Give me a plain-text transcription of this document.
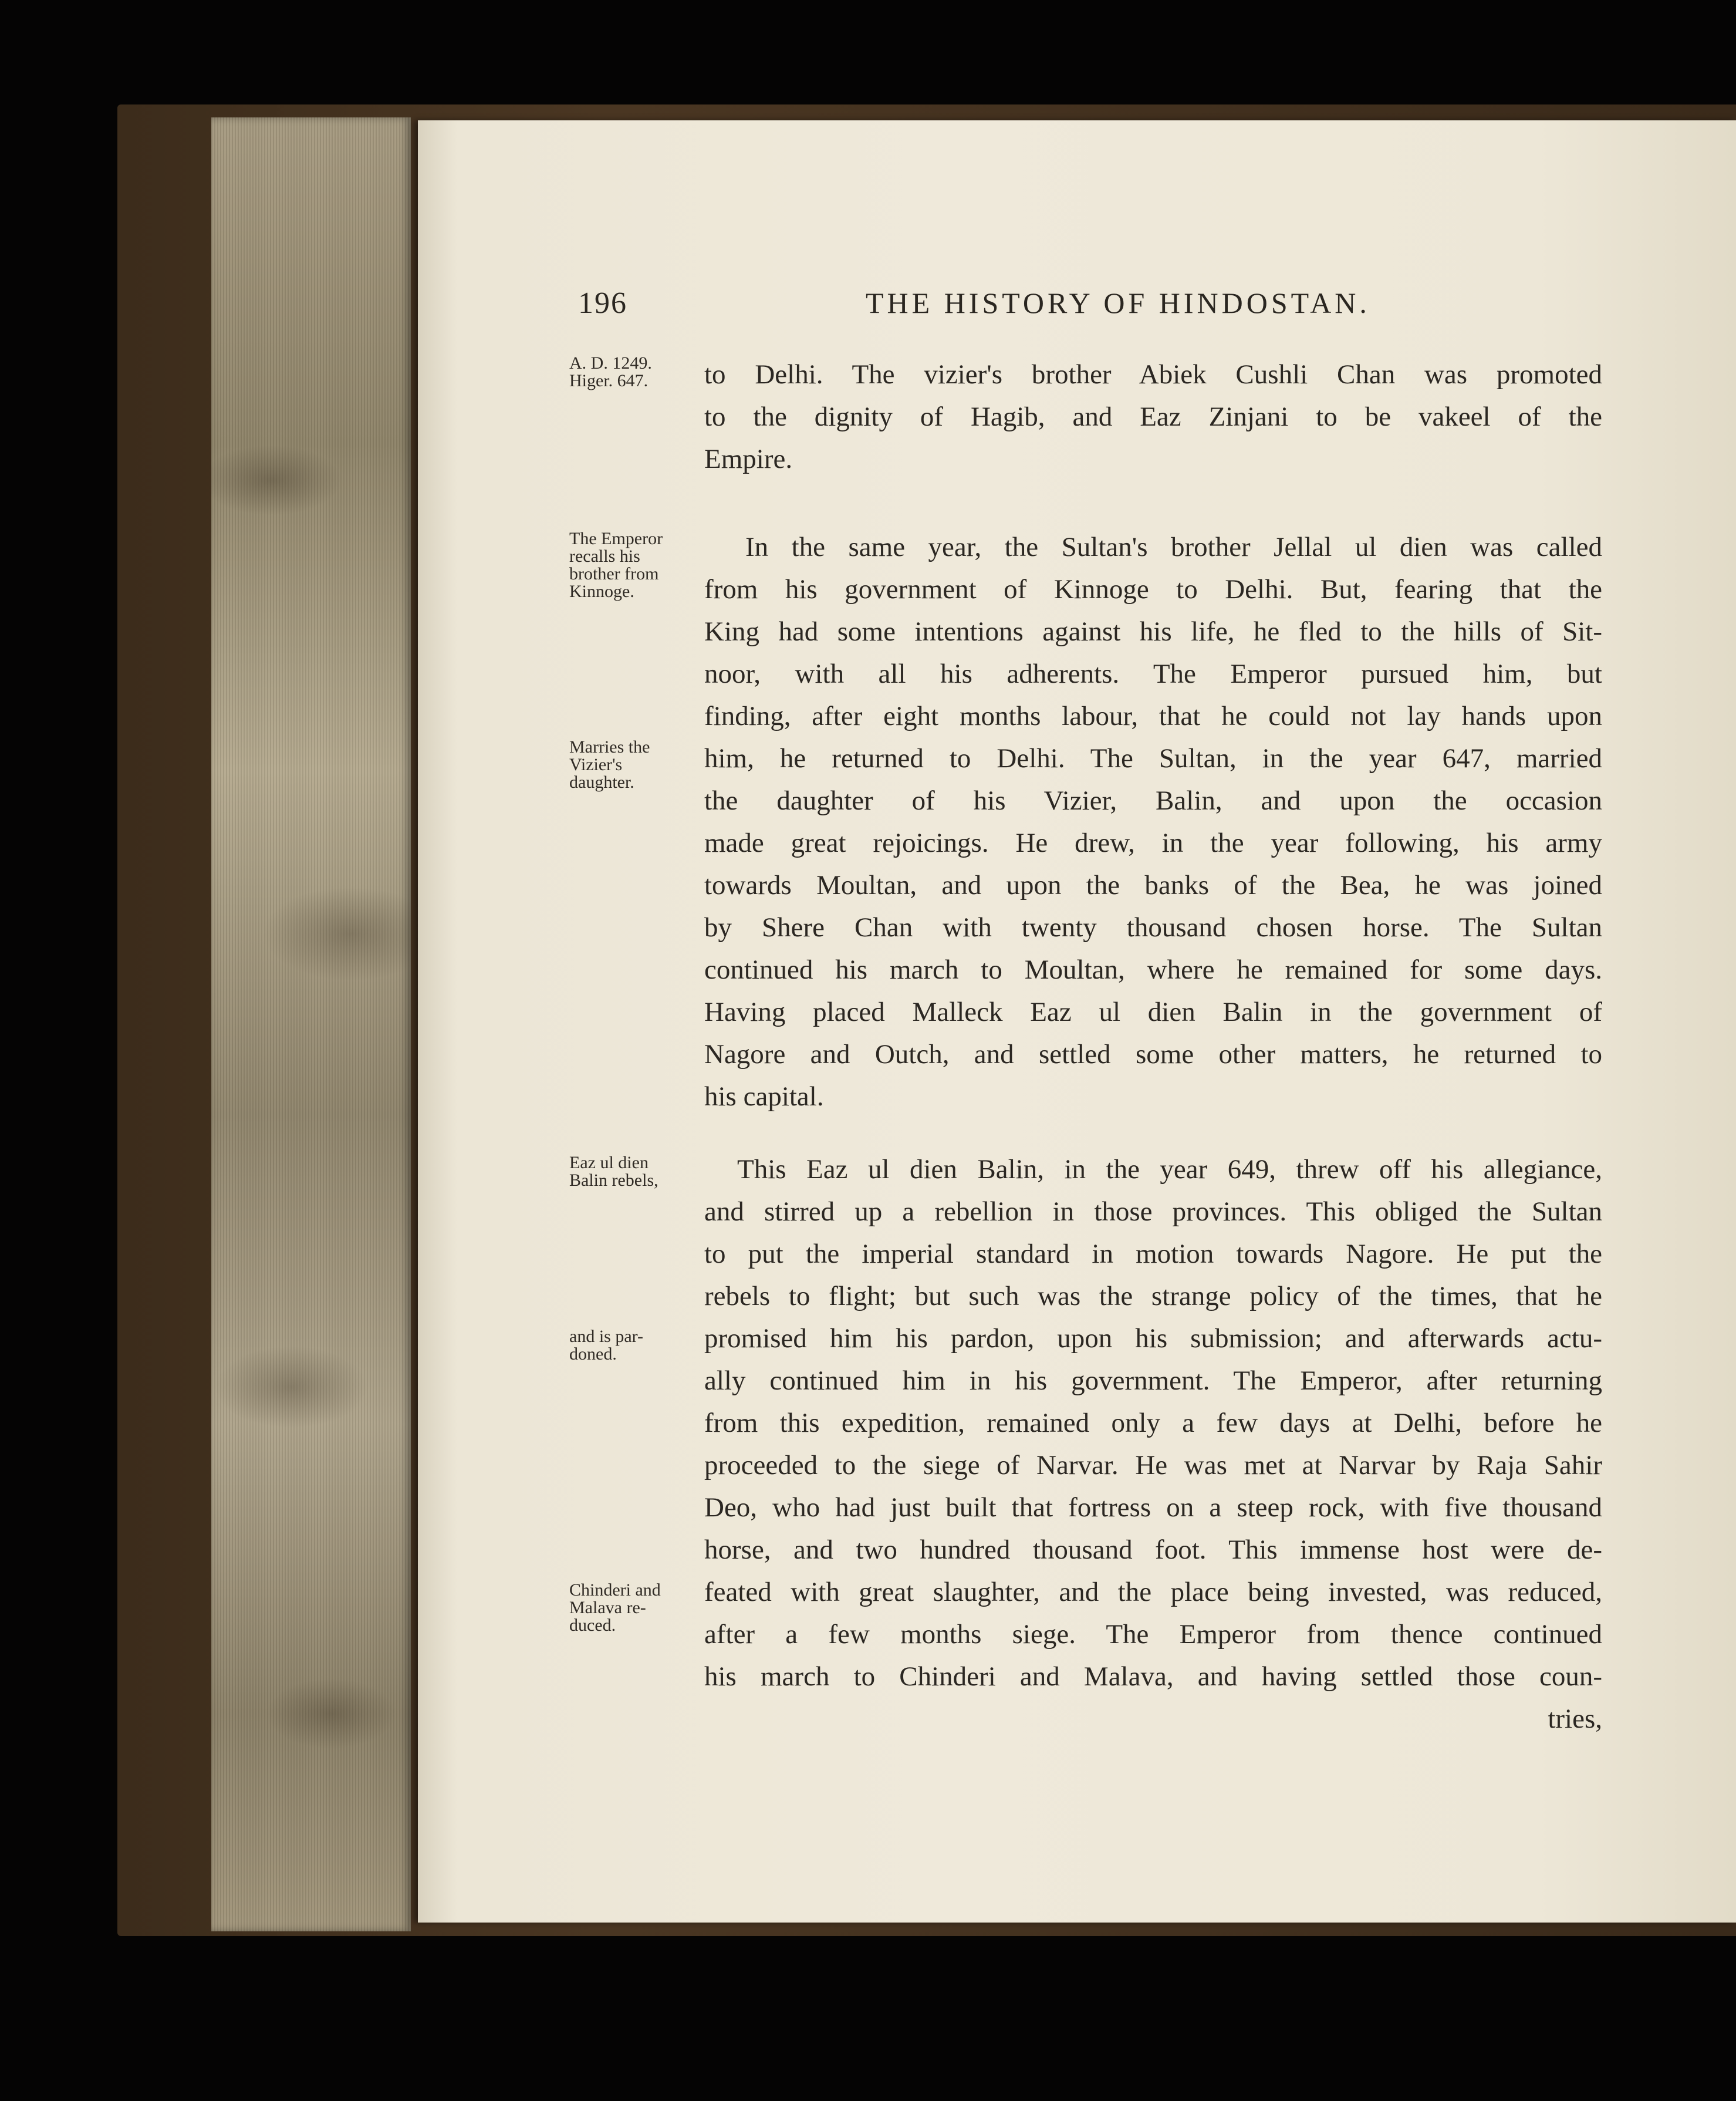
196	THE HISTORY OF HINDOSTAN.
A. D. 1249.
Higer. 647.
The Emperor
recalls his
brother from
Kinnoge.
Marries the
Vizier's
daughter.
Eaz ul dien
Balin rebels,
and is par-
doned.
Chinderi and
Malava re-
duced.
to Delhi. The vizier's brother Abiek Cushli Chan was promoted
to the dignity of Hagib, and Eaz Zinjani to be vakeel of the
Empire.
In the same year, the Sultan's brother Jellal ul dien was called
from his government of Kinnoge to Delhi. But, fearing that the
King had some intentions against his life, he fled to the hills of Sit-
noor, with all his adherents. The Emperor pursued him, but
finding, after eight months labour, that he could not lay hands upon
him, he returned to Delhi. The Sultan, in the year 647, married
the daughter of his Vizier, Balin, and upon the occasion
made great rejoicings. He drew, in the year following, his army
towards Moultan, and upon the banks of the Bea, he was joined
by Shere Chan with twenty thousand chosen horse. The Sultan
continued his march to Moultan, where he remained for some days.
Having placed Malleck Eaz ul dien Balin in the government of
Nagore and Outch, and settled some other matters, he returned to
his capital.
This Eaz ul dien Balin, in the year 649, threw off his allegiance,
and stirred up a rebellion in those provinces. This obliged the Sultan
to put the imperial standard in motion towards Nagore. He put the
rebels to flight; but such was the strange policy of the times, that he
promised him his pardon, upon his submission; and afterwards actu-
ally continued him in his government. The Emperor, after returning
from this expedition, remained only a few days at Delhi, before he
proceeded to the siege of Narvar. He was met at Narvar by Raja Sahir
Deo, who had just built that fortress on a steep rock, with five thousand
horse, and two hundred thousand foot. This immense host were de-
feated with great slaughter, and the place being invested, was reduced,
after a few months siege. The Emperor from thence continued
his march to Chinderi and Malava, and having settled those coun-
tries,
